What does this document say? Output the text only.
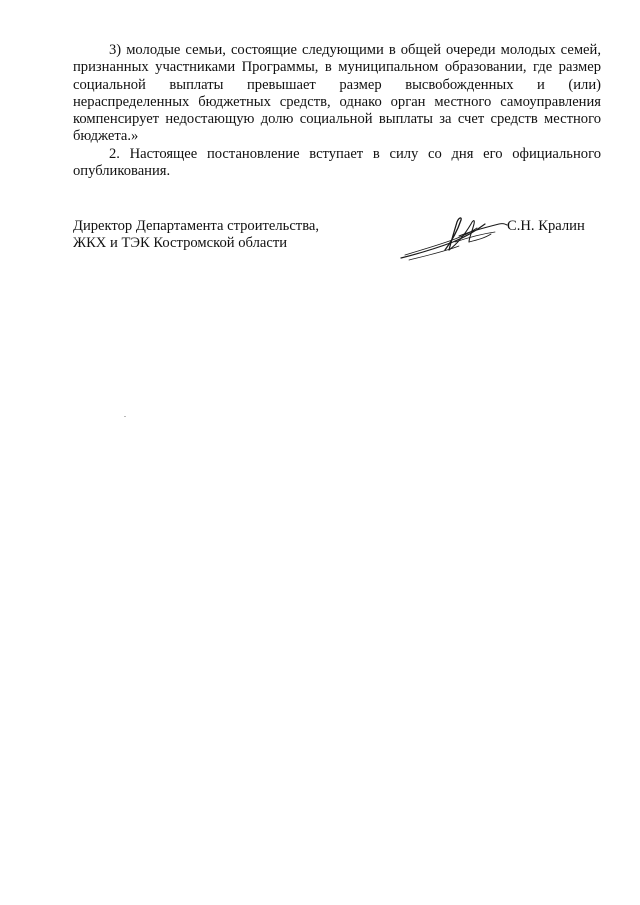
3) молодые семьи, состоящие следующими в общей очереди молодых семей, признанных участниками Программы, в муниципальном образовании, где размер социальной выплаты превышает размер высвобожденных и (или) нераспределенных бюджетных средств, однако орган местного самоуправления компенсирует недостающую долю социальной выплаты за счет средств местного бюджета.»

2. Настоящее постановление вступает в силу со дня его официального опубликования.

Директор Департамента строительства,
ЖКХ и ТЭК Костромской области
С.Н. Кралин
